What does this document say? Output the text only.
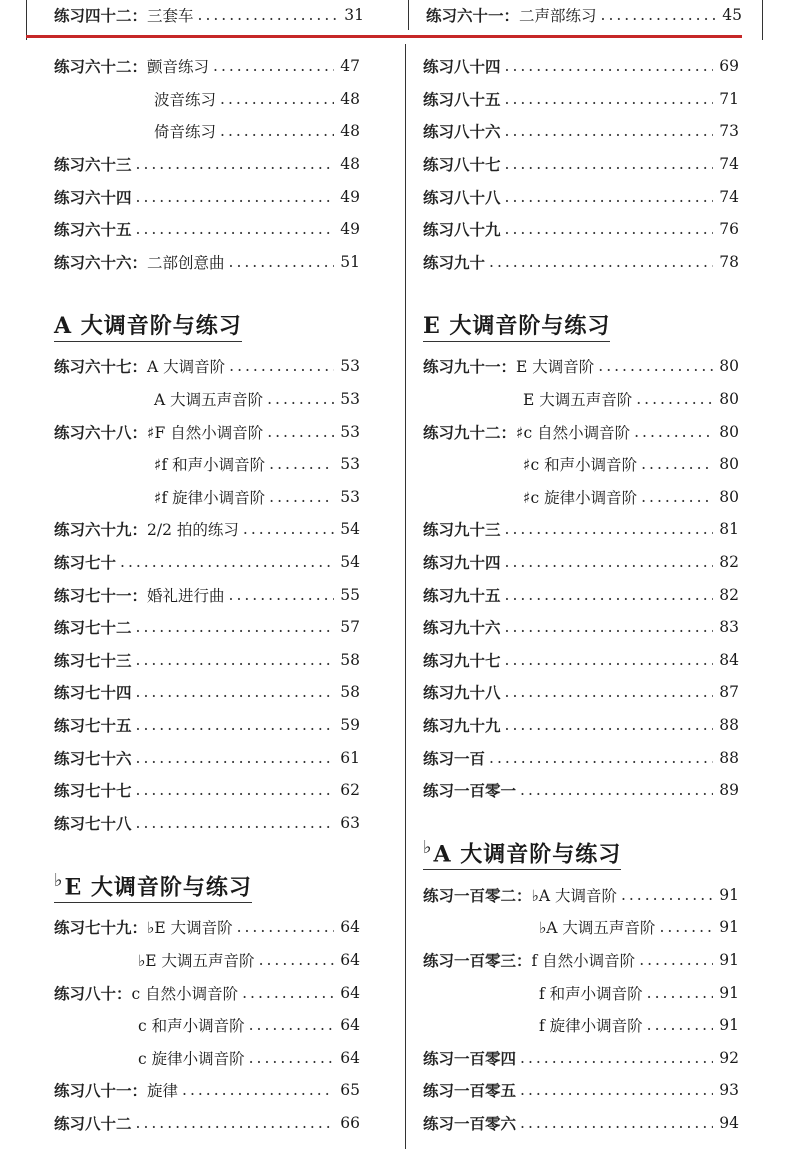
练习四十二： 三套车 .....	31	练习六十一： 二声部练习 .....	45
练习六十二： 颤音练习 .....	47
波音练习 .....	48
倚音练习 .....	48
练习六十三 .....	48
练习六十四 .....	49
练习六十五 .....	49
练习六十六： 二部创意曲 .....	51
A 大调音阶与练习
练习六十七： A 大调音阶 .....	53
A 大调五声音阶 .....	53
练习六十八： ♯F 自然小调音阶 .....	53
♯f 和声小调音阶 .....	53
♯f 旋律小调音阶 .....	53
练习六十九： 2/2 拍的练习 .....	54
练习七十 .....	54
练习七十一： 婚礼进行曲 .....	55
练习七十二 .....	57
练习七十三 .....	58
练习七十四 .....	58
练习七十五 .....	59
练习七十六 .....	61
练习七十七 .....	62
练习七十八 .....	63
♭E 大调音阶与练习
练习七十九： ♭E 大调音阶 .....	64
♭E 大调五声音阶 .....	64
练习八十： c 自然小调音阶 .....	64
c 和声小调音阶 .....	64
c 旋律小调音阶 .....	64
练习八十一： 旋律 .....	65
练习八十二 .....	66
练习八十四 .....	69
练习八十五 .....	71
练习八十六 .....	73
练习八十七 .....	74
练习八十八 .....	74
练习八十九 .....	76
练习九十 .....	78
E 大调音阶与练习
练习九十一： E 大调音阶 .....	80
E 大调五声音阶 .....	80
练习九十二： ♯c 自然小调音阶 .....	80
♯c 和声小调音阶 .....	80
♯c 旋律小调音阶 .....	80
练习九十三 .....	81
练习九十四 .....	82
练习九十五 .....	82
练习九十六 .....	83
练习九十七 .....	84
练习九十八 .....	87
练习九十九 .....	88
练习一百 .....	88
练习一百零一 .....	89
♭A 大调音阶与练习
练习一百零二： ♭A 大调音阶 .....	91
♭A 大调五声音阶 .....	91
练习一百零三： f 自然小调音阶 .....	91
f 和声小调音阶 .....	91
f 旋律小调音阶 .....	91
练习一百零四 .....	92
练习一百零五 .....	93
练习一百零六 .....	94
